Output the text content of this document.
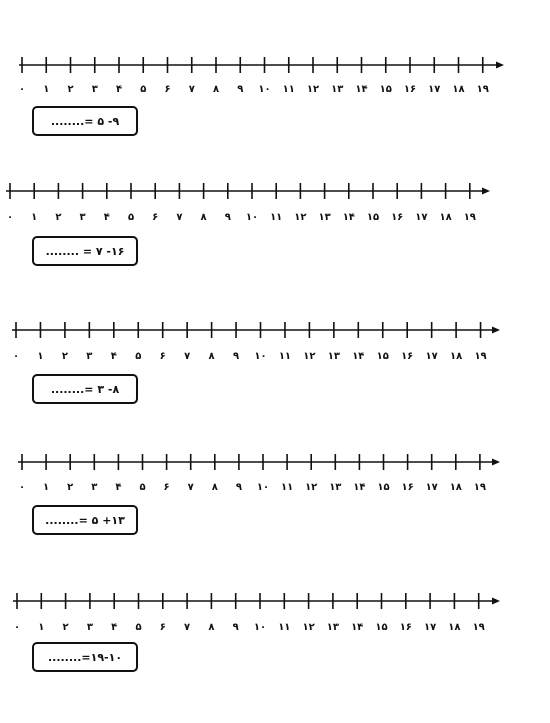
۰ ۱ ۲ ۳ ۴ ۵ ۶ ۷ ۸ ۹ ۱۰ ۱۱ ۱۲ ۱۳ ۱۴ ۱۵ ۱۶ ۱۷ ۱۸ ۱۹
۰ ۱ ۲ ۳ ۴ ۵ ۶ ۷ ۸ ۹ ۱۰ ۱۱ ۱۲ ۱۳ ۱۴ ۱۵ ۱۶ ۱۷ ۱۸ ۱۹
۰ ۱ ۲ ۳ ۴ ۵ ۶ ۷ ۸ ۹ ۱۰ ۱۱ ۱۲ ۱۳ ۱۴ ۱۵ ۱۶ ۱۷ ۱۸ ۱۹
۰ ۱ ۲ ۳ ۴ ۵ ۶ ۷ ۸ ۹ ۱۰ ۱۱ ۱۲ ۱۳ ۱۴ ۱۵ ۱۶ ۱۷ ۱۸ ۱۹
۰ ۱ ۲ ۳ ۴ ۵ ۶ ۷ ۸ ۹ ۱۰ ۱۱ ۱۲ ۱۳ ۱۴ ۱۵ ۱۶ ۱۷ ۱۸ ۱۹
۹- ۵ =........
۱۶- ۷ = ........
۸- ۳ =........
۱۳+ ۵ =........
۱۹-۱۰=........
